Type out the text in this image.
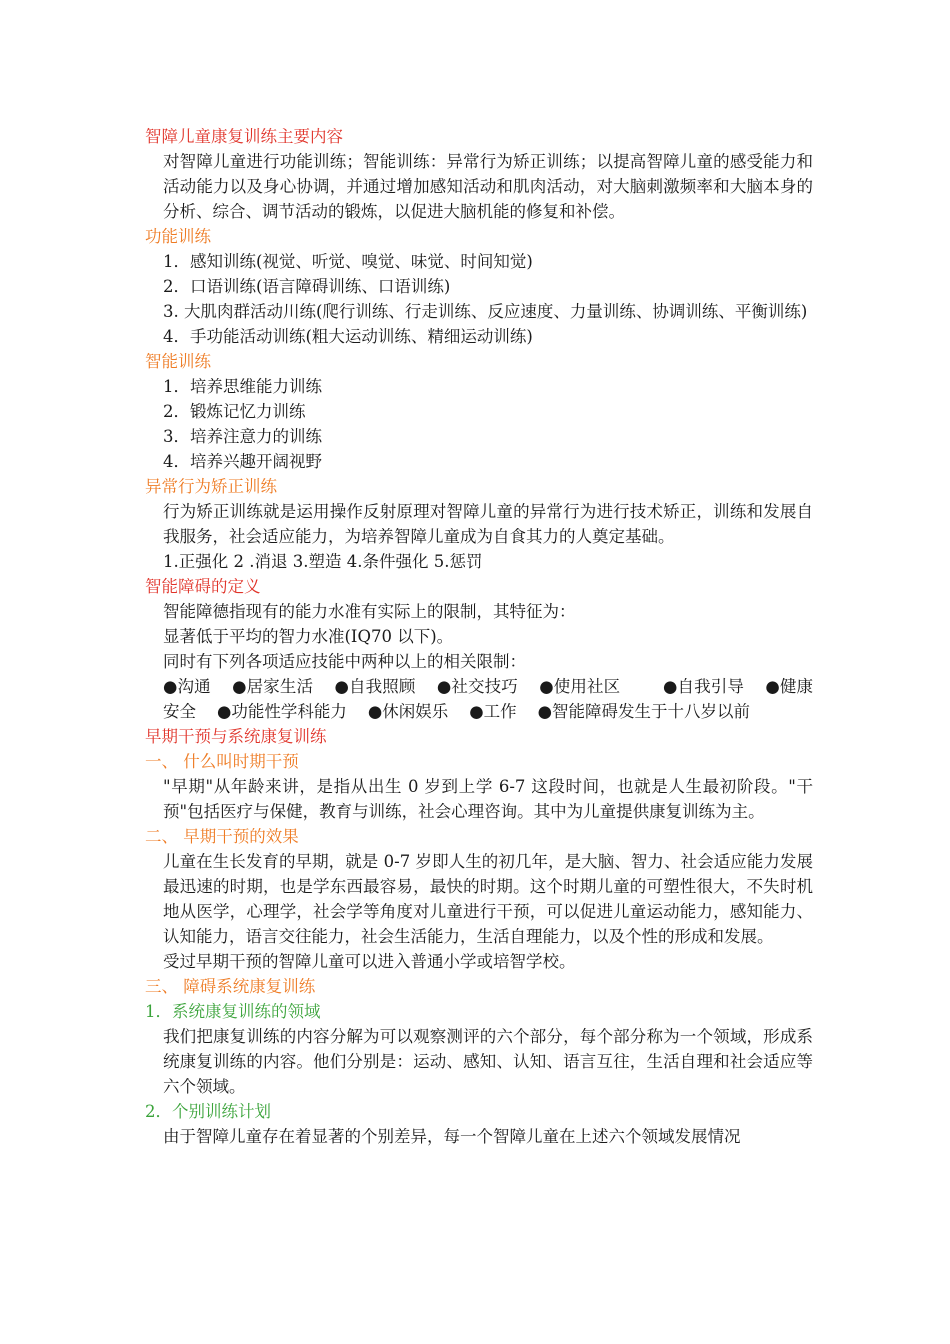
智障儿童康复训练主要内容
对智障儿童进行功能训练；智能训练：异常行为矫正训练；以提高智障儿童的感受能力和活动能力以及身心协调，并通过增加感知活动和肌肉活动，对大脑刺激频率和大脑本身的分析、综合、调节活动的锻炼，以促进大脑机能的修复和补偿。
功能训练
1．感知训练(视觉、听觉、嗅觉、味觉、时间知觉)
2．口语训练(语言障碍训练、口语训练)
3. 大肌肉群活动川练(爬行训练、行走训练、反应速度、力量训练、协调训练、平衡训练)
4．手功能活动训练(粗大运动训练、精细运动训练)
智能训练
1．培养思维能力训练
2．锻炼记忆力训练
3．培养注意力的训练
4．培养兴趣开阔视野
异常行为矫正训练
行为矫正训练就是运用操作反射原理对智障儿童的异常行为进行技术矫正，训练和发展自我服务，社会适应能力，为培养智障儿童成为自食其力的人奠定基础。
1.正强化 2 .消退 3.塑造 4.条件强化 5.惩罚
智能障碍的定义
智能障德指现有的能力水准有实际上的限制，其特征为：
显著低于平均的智力水准(IQ70 以下)。
同时有下列各项适应技能中两种以上的相关限制：
●沟通    ●居家生活    ●自我照顾    ●社交技巧    ●使用社区        ●自我引导    ●健康安全    ●功能性学科能力    ●休闲娱乐    ●工作    ●智能障碍发生于十八岁以前
早期干预与系统康复训练
一、 什么叫时期干预
"早期"从年龄来讲，是指从出生 0 岁到上学 6-7 这段时间，也就是人生最初阶段。"干预"包括医疗与保健，教育与训练，社会心理咨询。其中为儿童提供康复训练为主。
二、 早期干预的效果
儿童在生长发育的早期，就是 0-7 岁即人生的初几年，是大脑、智力、社会适应能力发展最迅速的时期，也是学东西最容易，最快的时期。这个时期儿童的可塑性很大，不失时机地从医学，心理学，社会学等角度对儿童进行干预，可以促进儿童运动能力，感知能力、认知能力，语言交往能力，社会生活能力，生活自理能力，以及个性的形成和发展。
受过早期干预的智障儿童可以进入普通小学或培智学校。
三、 障碍系统康复训练
1．系统康复训练的领域
我们把康复训练的内容分解为可以观察测评的六个部分，每个部分称为一个领域，形成系统康复训练的内容。他们分别是：运动、感知、认知、语言互往，生活自理和社会适应等六个领域。
2．个别训练计划
由于智障儿童存在着显著的个别差异，每一个智障儿童在上述六个领域发展情况
